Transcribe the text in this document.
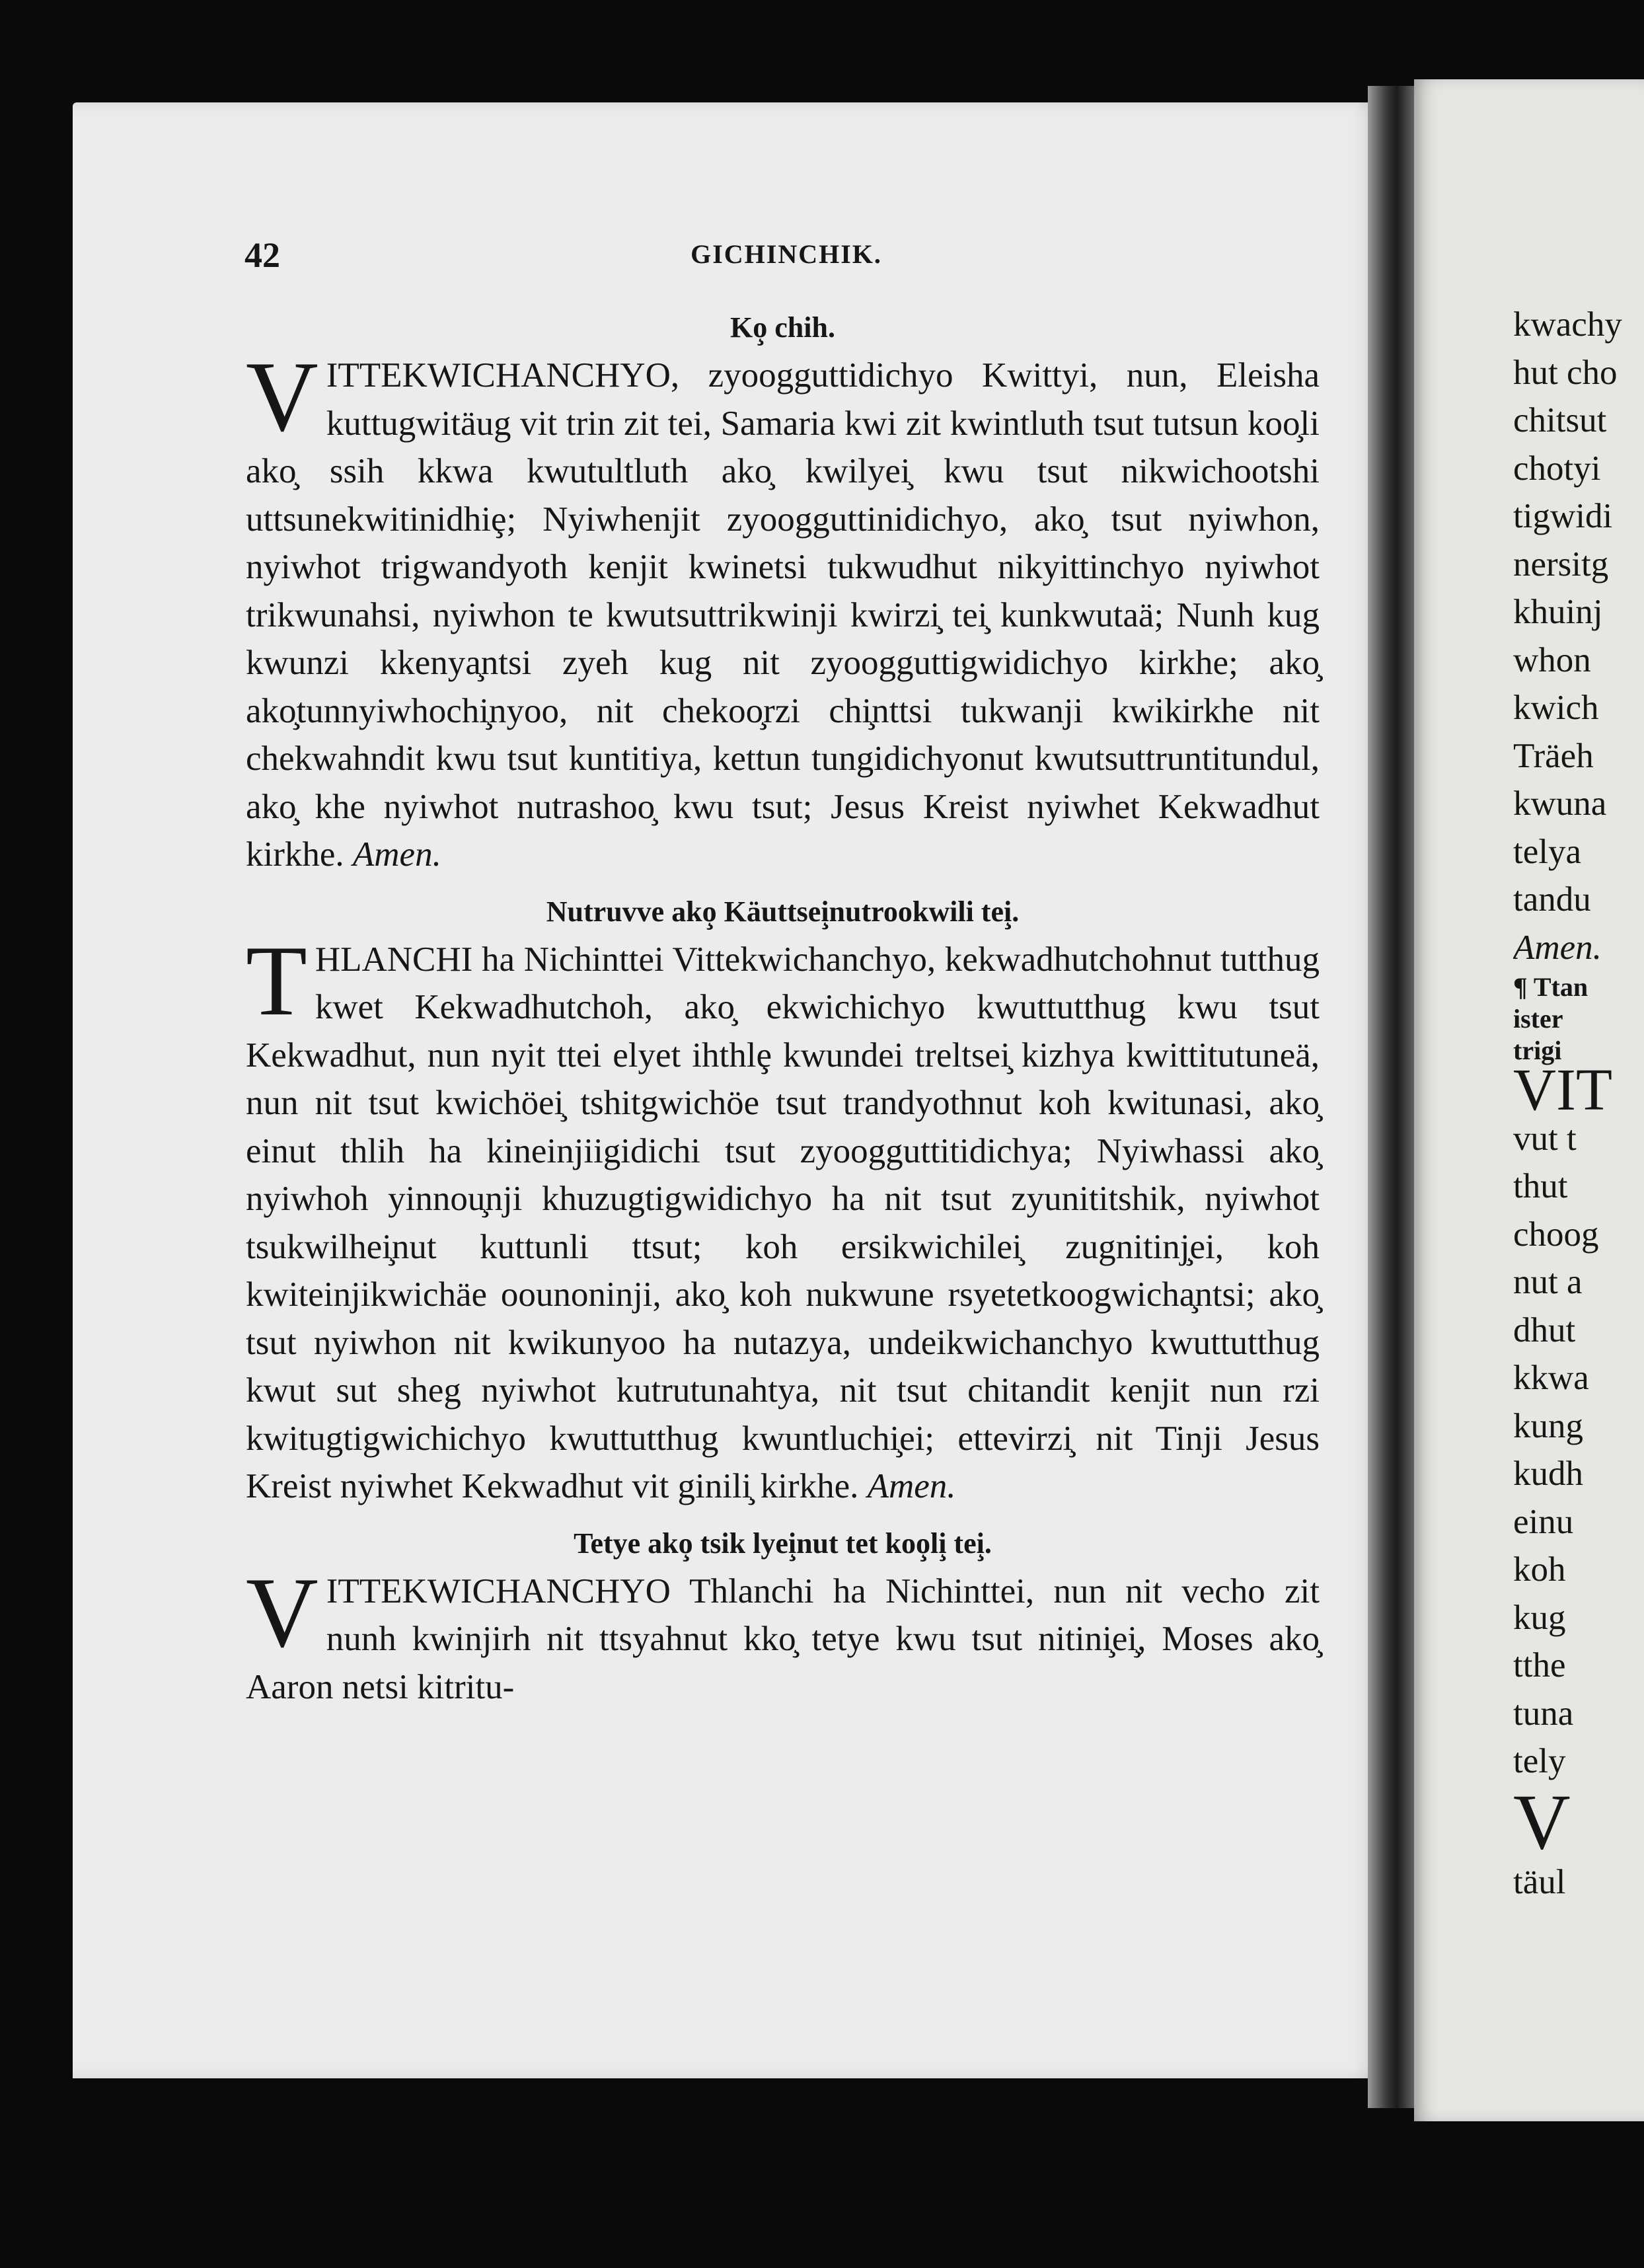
42	GICHINCHIK.

Ko̧ chih.

VITTEKWICHANCHYO, zyoogguttidichyo Kwittyi, nun, Eleisha kuttugwitäug vit trin zit tei, Samaria kwi zit kwintluth tsut tutsun koo̧li ako̧ ssih kkwa kwutultluth ako̧ kwilyei̧ kwu tsut nikwichootshi uttsunekwitinidhiȩ; Nyiwhenjit zyoogguttinidichyo, ako̧ tsut nyiwhon, nyiwhot trigwandyoth kenjit kwinetsi tukwudhut nikyittinchyo nyiwhot trikwunahsi, nyiwhon te kwutsuttrikwinji kwirzi̧ tei̧ kunkwutaä; Nunh kug kwunzi kkenya̧ntsi zyeh kug nit zyoogguttigwidichyo kirkhe; ako̧ ako̧tunnyiwhochi̧nyoo, nit chekoo̧rzi chi̧nttsi tukwanji kwikirkhe nit chekwahndit kwu tsut kuntitiya, kettun tungidichyonut kwutsuttruntitundul, ako̧ khe nyiwhot nutrashoo̧ kwu tsut; Jesus Kreist nyiwhet Kekwadhut kirkhe. Amen.

Nutruvve ako̧ Käuttsei̧nutrookwili tei̧.

THLANCHI ha Nichinttei Vittekwichanchyo, kekwadhutchohnut tutthug kwet Kekwadhutchoh, ako̧ ekwichichyo kwuttutthug kwu tsut Kekwadhut, nun nyit ttei elyet ihthlȩ kwundei treltsei̧ kizhya kwittitutuneä, nun nit tsut kwichöei̧ tshitgwichöe tsut trandyothnut koh kwitunasi, ako̧ einut thlih ha kineinjiigidichi tsut zyoogguttitidichya; Nyiwhassi ako̧ nyiwhoh yinnou̧nji khuzugtigwidichyo ha nit tsut zyunititshik, nyiwhot tsukwilhei̧nut kuttunli ttsut; koh ersikwichilei̧ zugnitinj̧ei, koh kwiteinjikwichäe oounoninji, ako̧ koh nukwune rsyetetkoogwicha̧ntsi; ako̧ tsut nyiwhon nit kwikunyoo ha nutazya, undeikwichanchyo kwuttutthug kwut sut sheg nyiwhot kutrutunahtya, nit tsut chitandit kenjit nun rzi kwitugtigwichichyo kwuttutthug kwuntluchi̧ei; ettevirzi̧ nit Tinji Jesus Kreist nyiwhet Kekwadhut vit ginili̧ kirkhe. Amen.

Tetye ako̧ tsik lyei̧nut tet koo̧li̧ tei̧.

VITTEKWICHANCHYO Thlanchi ha Nichinttei, nun nit vecho zit nunh kwinjirh nit ttsyahnut kko̧ tetye kwu tsut nitini̧ei̧, Moses ako̧ Aaron netsi kitritu-

kwachy
hut cho
chitsut
chotyi
tigwidi
nersitg
khuinj
whon
kwich
Träeh
kwuna
telya
tandu
Amen.
¶ Ttan
ister
trigi
VIT
vut t
thut
choog
nut a
dhut
kkwa
kung
kudh
einu
koh
kug
tthe
tuna
tely
V
täul
